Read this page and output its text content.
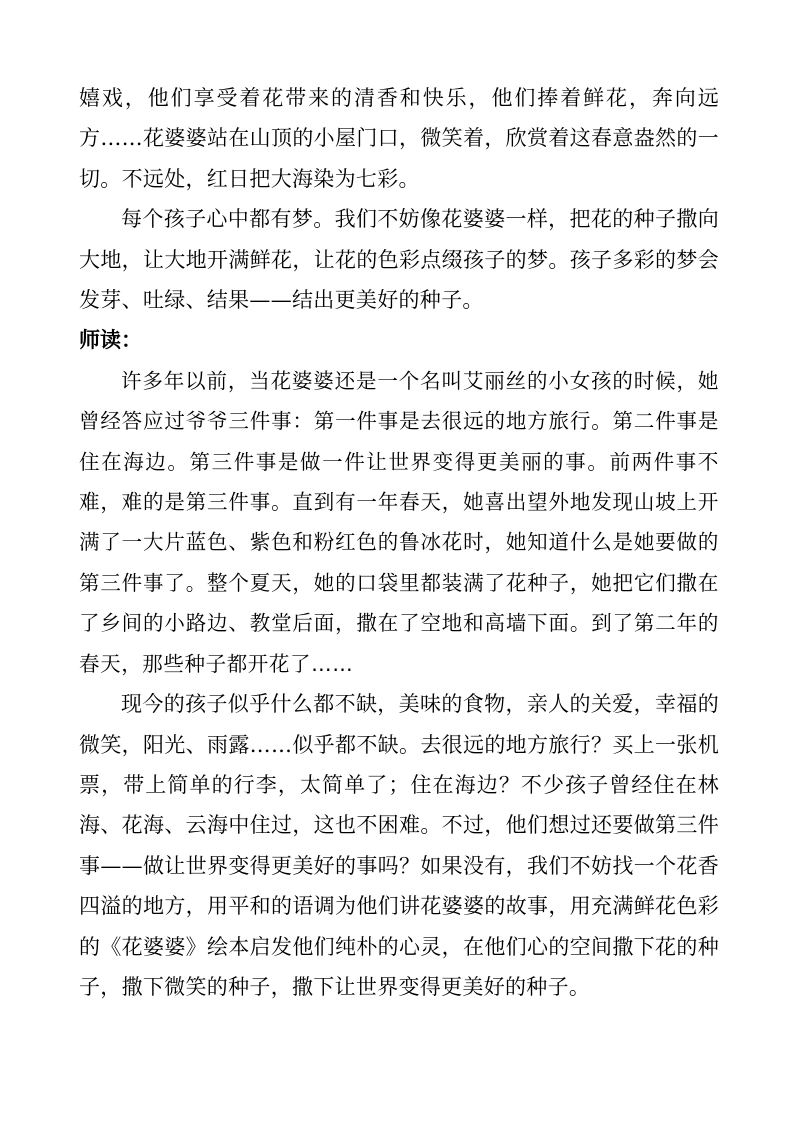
嬉戏，他们享受着花带来的清香和快乐，他们捧着鲜花，奔向远方……花婆婆站在山顶的小屋门口，微笑着，欣赏着这春意盎然的一切。不远处，红日把大海染为七彩。

每个孩子心中都有梦。我们不妨像花婆婆一样，把花的种子撒向大地，让大地开满鲜花，让花的色彩点缀孩子的梦。孩子多彩的梦会发芽、吐绿、结果——结出更美好的种子。

师读：

许多年以前，当花婆婆还是一个名叫艾丽丝的小女孩的时候，她曾经答应过爷爷三件事：第一件事是去很远的地方旅行。第二件事是住在海边。第三件事是做一件让世界变得更美丽的事。前两件事不难，难的是第三件事。直到有一年春天，她喜出望外地发现山坡上开满了一大片蓝色、紫色和粉红色的鲁冰花时，她知道什么是她要做的第三件事了。整个夏天，她的口袋里都装满了花种子，她把它们撒在了乡间的小路边、教堂后面，撒在了空地和高墙下面。到了第二年的春天，那些种子都开花了……

现今的孩子似乎什么都不缺，美味的食物，亲人的关爱，幸福的微笑，阳光、雨露……似乎都不缺。去很远的地方旅行？买上一张机票，带上简单的行李，太简单了；住在海边？不少孩子曾经住在林海、花海、云海中住过，这也不困难。不过，他们想过还要做第三件事——做让世界变得更美好的事吗？如果没有，我们不妨找一个花香四溢的地方，用平和的语调为他们讲花婆婆的故事，用充满鲜花色彩的《花婆婆》绘本启发他们纯朴的心灵，在他们心的空间撒下花的种子，撒下微笑的种子，撒下让世界变得更美好的种子。
